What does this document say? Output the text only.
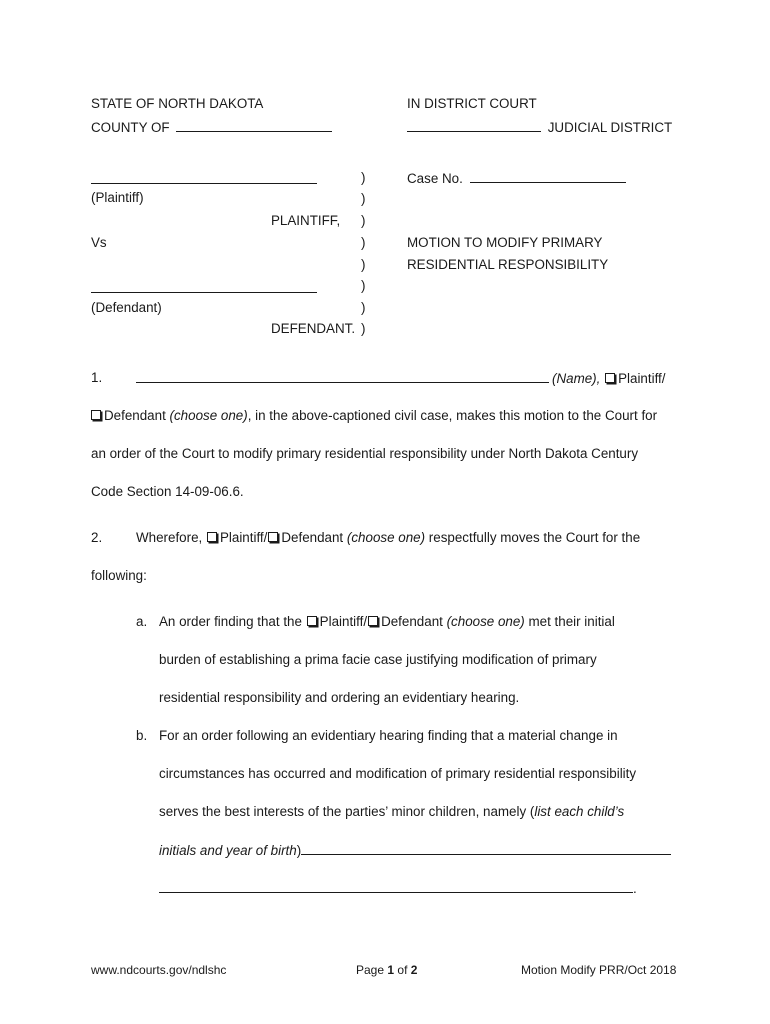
STATE OF NORTH DAKOTA	IN DISTRICT COURT
COUNTY OF	JUDICIAL DISTRICT
(Plaintiff)
PLAINTIFF,
Vs
(Defendant)
DEFENDANT.
)
)
)
)
)
)
)
)
Case No.
MOTION TO MODIFY PRIMARY
RESIDENTIAL RESPONSIBILITY
1.	(Name), Plaintiff/
Defendant (choose one), in the above-captioned civil case, makes this motion to the Court for
an order of the Court to modify primary residential responsibility under North Dakota Century
Code Section 14-09-06.6.
2.	Wherefore, Plaintiff/ Defendant (choose one) respectfully moves the Court for the
following:
a. An order finding that the Plaintiff/ Defendant (choose one) met their initial
burden of establishing a prima facie case justifying modification of primary
residential responsibility and ordering an evidentiary hearing.
b. For an order following an evidentiary hearing finding that a material change in
circumstances has occurred and modification of primary residential responsibility
serves the best interests of the parties’ minor children, namely (list each child’s
initials and year of birth)
.
www.ndcourts.gov/ndlshc	Page 1 of 2	Motion Modify PRR/Oct 2018
